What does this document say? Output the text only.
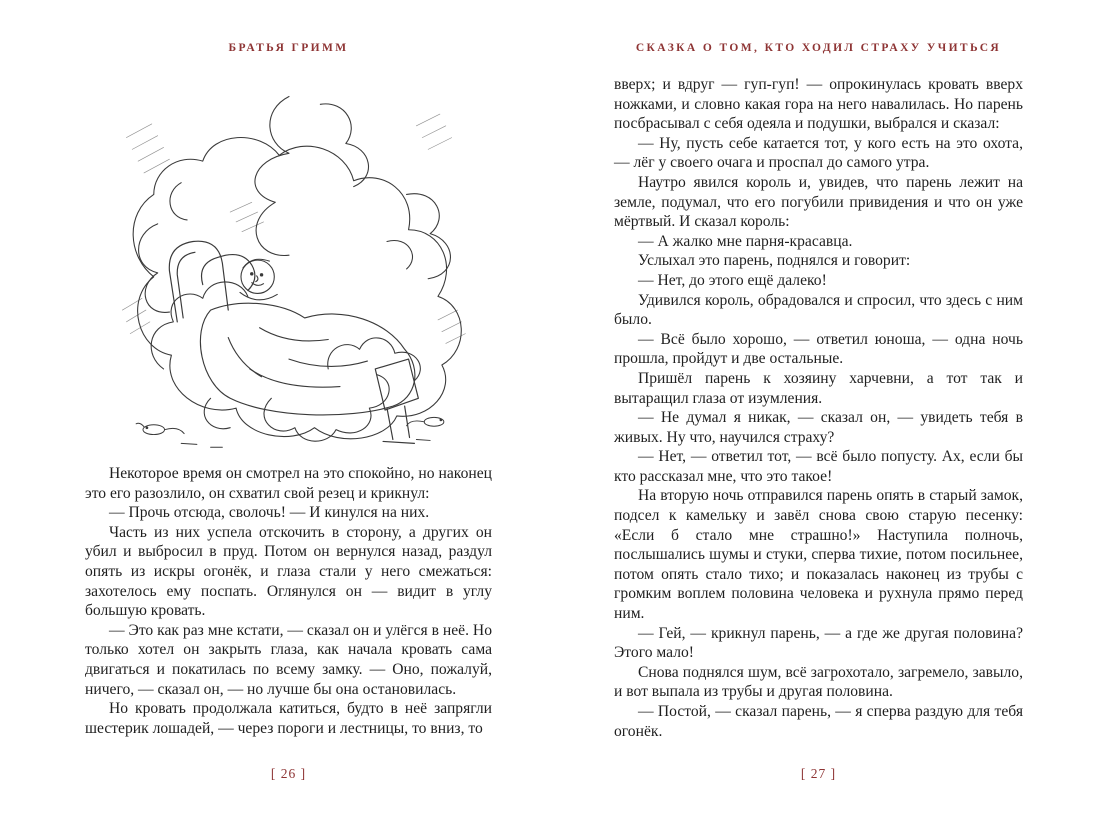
БРАТЬЯ ГРИММ

Некоторое время он смотрел на это спокойно, но наконец это его разозлило, он схватил свой резец и крикнул:

— Прочь отсюда, сволочь! — И кинулся на них.

Часть из них успела отскочить в сторону, а других он убил и выбросил в пруд. Потом он вернулся назад, раздул опять из искры огонёк, и глаза стали у него смежаться: захотелось ему поспать. Оглянулся он — видит в углу большую кровать.

— Это как раз мне кстати, — сказал он и улёгся в неё. Но только хотел он закрыть глаза, как начала кровать сама двигаться и покатилась по всему замку. — Оно, пожалуй, ничего, — сказал он, — но лучше бы она остановилась.

Но кровать продолжала катиться, будто в неё запрягли шестерик лошадей, — через пороги и лестницы, то вниз, то

[ 26 ]
СКАЗКА О ТОМ, КТО ХОДИЛ СТРАХУ УЧИТЬСЯ

вверх; и вдруг — гуп-гуп! — опрокинулась кровать вверх ножками, и словно какая гора на него навалилась. Но парень посбрасывал с себя одеяла и подушки, выбрался и сказал:

— Ну, пусть себе катается тот, у кого есть на это охота, — лёг у своего очага и проспал до самого утра.

Наутро явился король и, увидев, что парень лежит на земле, подумал, что его погубили привидения и что он уже мёртвый. И сказал король:

— А жалко мне парня-красавца.

Услыхал это парень, поднялся и говорит:

— Нет, до этого ещё далеко!

Удивился король, обрадовался и спросил, что здесь с ним было.

— Всё было хорошо, — ответил юноша, — одна ночь прошла, пройдут и две остальные.

Пришёл парень к хозяину харчевни, а тот так и вытаращил глаза от изумления.

— Не думал я никак, — сказал он, — увидеть тебя в живых. Ну что, научился страху?

— Нет, — ответил тот, — всё было попусту. Ах, если бы кто рассказал мне, что это такое!

На вторую ночь отправился парень опять в старый замок, подсел к камельку и завёл снова свою старую песенку: «Если б стало мне страшно!» Наступила полночь, послышались шумы и стуки, сперва тихие, потом посильнее, потом опять стало тихо; и показалась наконец из трубы с громким воплем половина человека и рухнула прямо перед ним.

— Гей, — крикнул парень, — а где же другая половина? Этого мало!

Снова поднялся шум, всё загрохотало, загремело, завыло, и вот выпала из трубы и другая половина.

— Постой, — сказал парень, — я сперва раздую для тебя огонёк.

[ 27 ]
